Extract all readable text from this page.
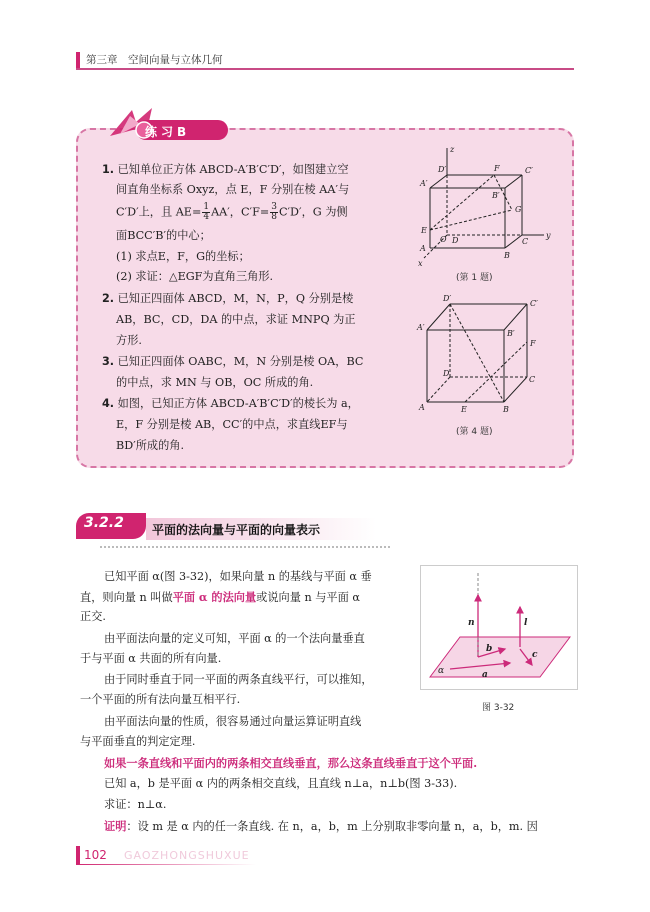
第三章　空间向量与立体几何
练习B
1. 已知单位正方体 ABCD-A′B′C′D′，如图建立空
间直角坐标系 Oxyz，点 E，F 分别在棱 AA′与
C′D′上，且 $AE= \frac{1}{4} AA'$，$C'F= \frac{3}{8} C'D'$，G 为侧
面BCC′B′的中心；
(1) 求点E，F，G的坐标；
(2) 求证：△EGF为直角三角形.
2. 已知正四面体 ABCD，M，N，P，Q 分别是棱
AB，BC，CD，DA 的中点，求证 MNPQ 为正
方形.
3. 已知正四面体 OABC，M，N 分别是棱 OA，BC
的中点，求 MN 与 OB，OC 所成的角.
4. 如图，已知正方体 ABCD-A′B′C′D′的棱长为 a，
E，F 分别是棱 AB，CC′的中点，求直线EF与
BD′所成的角.
z
A′
D′	F	C′
B′
G
E
D
O	C
y
A
B
x
(第 1 题)
D′
C′
A′
B′
F
D
C
A	E	B
(第 4 题)
3.2.2 平面的法向量与平面的向量表示
已知平面 α(图 3-32)，如果向量 n 的基线与平面 α 垂
直，则向量 n 叫做平面 α 的法向量或说向量 n 与平面 α
正交.
由平面法向量的定义可知，平面 α 的一个法向量垂直
于与平面 α 共面的所有向量.
由于同时垂直于同一平面的两条直线平行，可以推知，
一个平面的所有法向量互相平行.
由平面法向量的性质，很容易通过向量运算证明直线
与平面垂直的判定定理.
如果一条直线和平面内的两条相交直线垂直，那么这条直线垂直于这个平面.
已知 a，b 是平面 α 内的两条相交直线，且直线 n⊥a，n⊥b(图 3-33).
求证：n⊥α.
证明：设 m 是 α 内的任一条直线. 在 n，a，b，m 上分别取非零向量 n，a，b，m. 因
n	l
α	a
b
c
图 3-32
102 GAOZHONGSHUXUE
